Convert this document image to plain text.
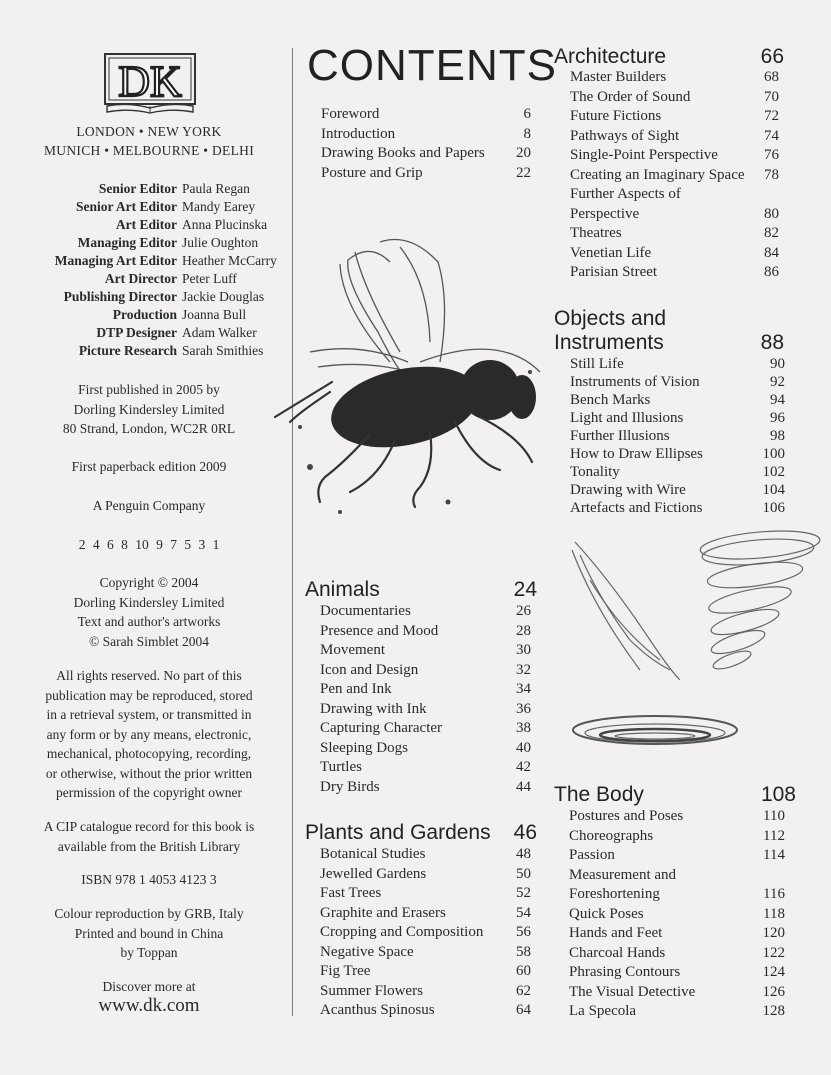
DK
LONDON • NEW YORK
MUNICH • MELBOURNE • DELHI
Senior Editor Paula Regan
Senior Art Editor Mandy Earey
Art Editor Anna Plucinska
Managing Editor Julie Oughton
Managing Art Editor Heather McCarry
Art Director Peter Luff
Publishing Director Jackie Douglas
Production Joanna Bull
DTP Designer Adam Walker
Picture Research Sarah Smithies
First published in 2005 by
Dorling Kindersley Limited
80 Strand, London, WC2R 0RL
First paperback edition 2009
A Penguin Company
2 4 6 8 10 9 7 5 3 1
Copyright © 2004
Dorling Kindersley Limited
Text and author's artworks
© Sarah Simblet 2004
All rights reserved. No part of this
publication may be reproduced, stored
in a retrieval system, or transmitted in
any form or by any means, electronic,
mechanical, photocopying, recording,
or otherwise, without the prior written
permission of the copyright owner
A CIP catalogue record for this book is
available from the British Library
ISBN 978 1 4053 4123 3
Colour reproduction by GRB, Italy
Printed and bound in China
by Toppan
Discover more at
www.dk.com
CONTENTS
Foreword	6
Introduction	8
Drawing Books and Papers 20
Posture and Grip	22
Animals	24
Documentaries	26
Presence and Mood	28
Movement	30
Icon and Design	32
Pen and Ink	34
Drawing with Ink	36
Capturing Character	38
Sleeping Dogs	40
Turtles	42
Dry Birds	44
Plants and Gardens 46
Botanical Studies	48
Jewelled Gardens	50
Fast Trees	52
Graphite and Erasers	54
Cropping and Composition 56
Negative Space	58
Fig Tree	60
Summer Flowers	62
Acanthus Spinosus	64
Architecture	66
Master Builders	68
The Order of Sound	70
Future Fictions	72
Pathways of Sight	74
Single-Point Perspective	76
Creating an Imaginary Space 78
Further Aspects of
Perspective	80
Theatres	82
Venetian Life	84
Parisian Street	86
Objects and
Instruments	88
Still Life	90
Instruments of Vision	92
Bench Marks	94
Light and Illusions	96
Further Illusions	98
How to Draw Ellipses	100
Tonality	102
Drawing with Wire	104
Artefacts and Fictions	106
The Body	108
Postures and Poses	110
Choreographs	112
Passion	114
Measurement and
Foreshortening	116
Quick Poses	118
Hands and Feet	120
Charcoal Hands	122
Phrasing Contours	124
The Visual Detective	126
La Specola	128
